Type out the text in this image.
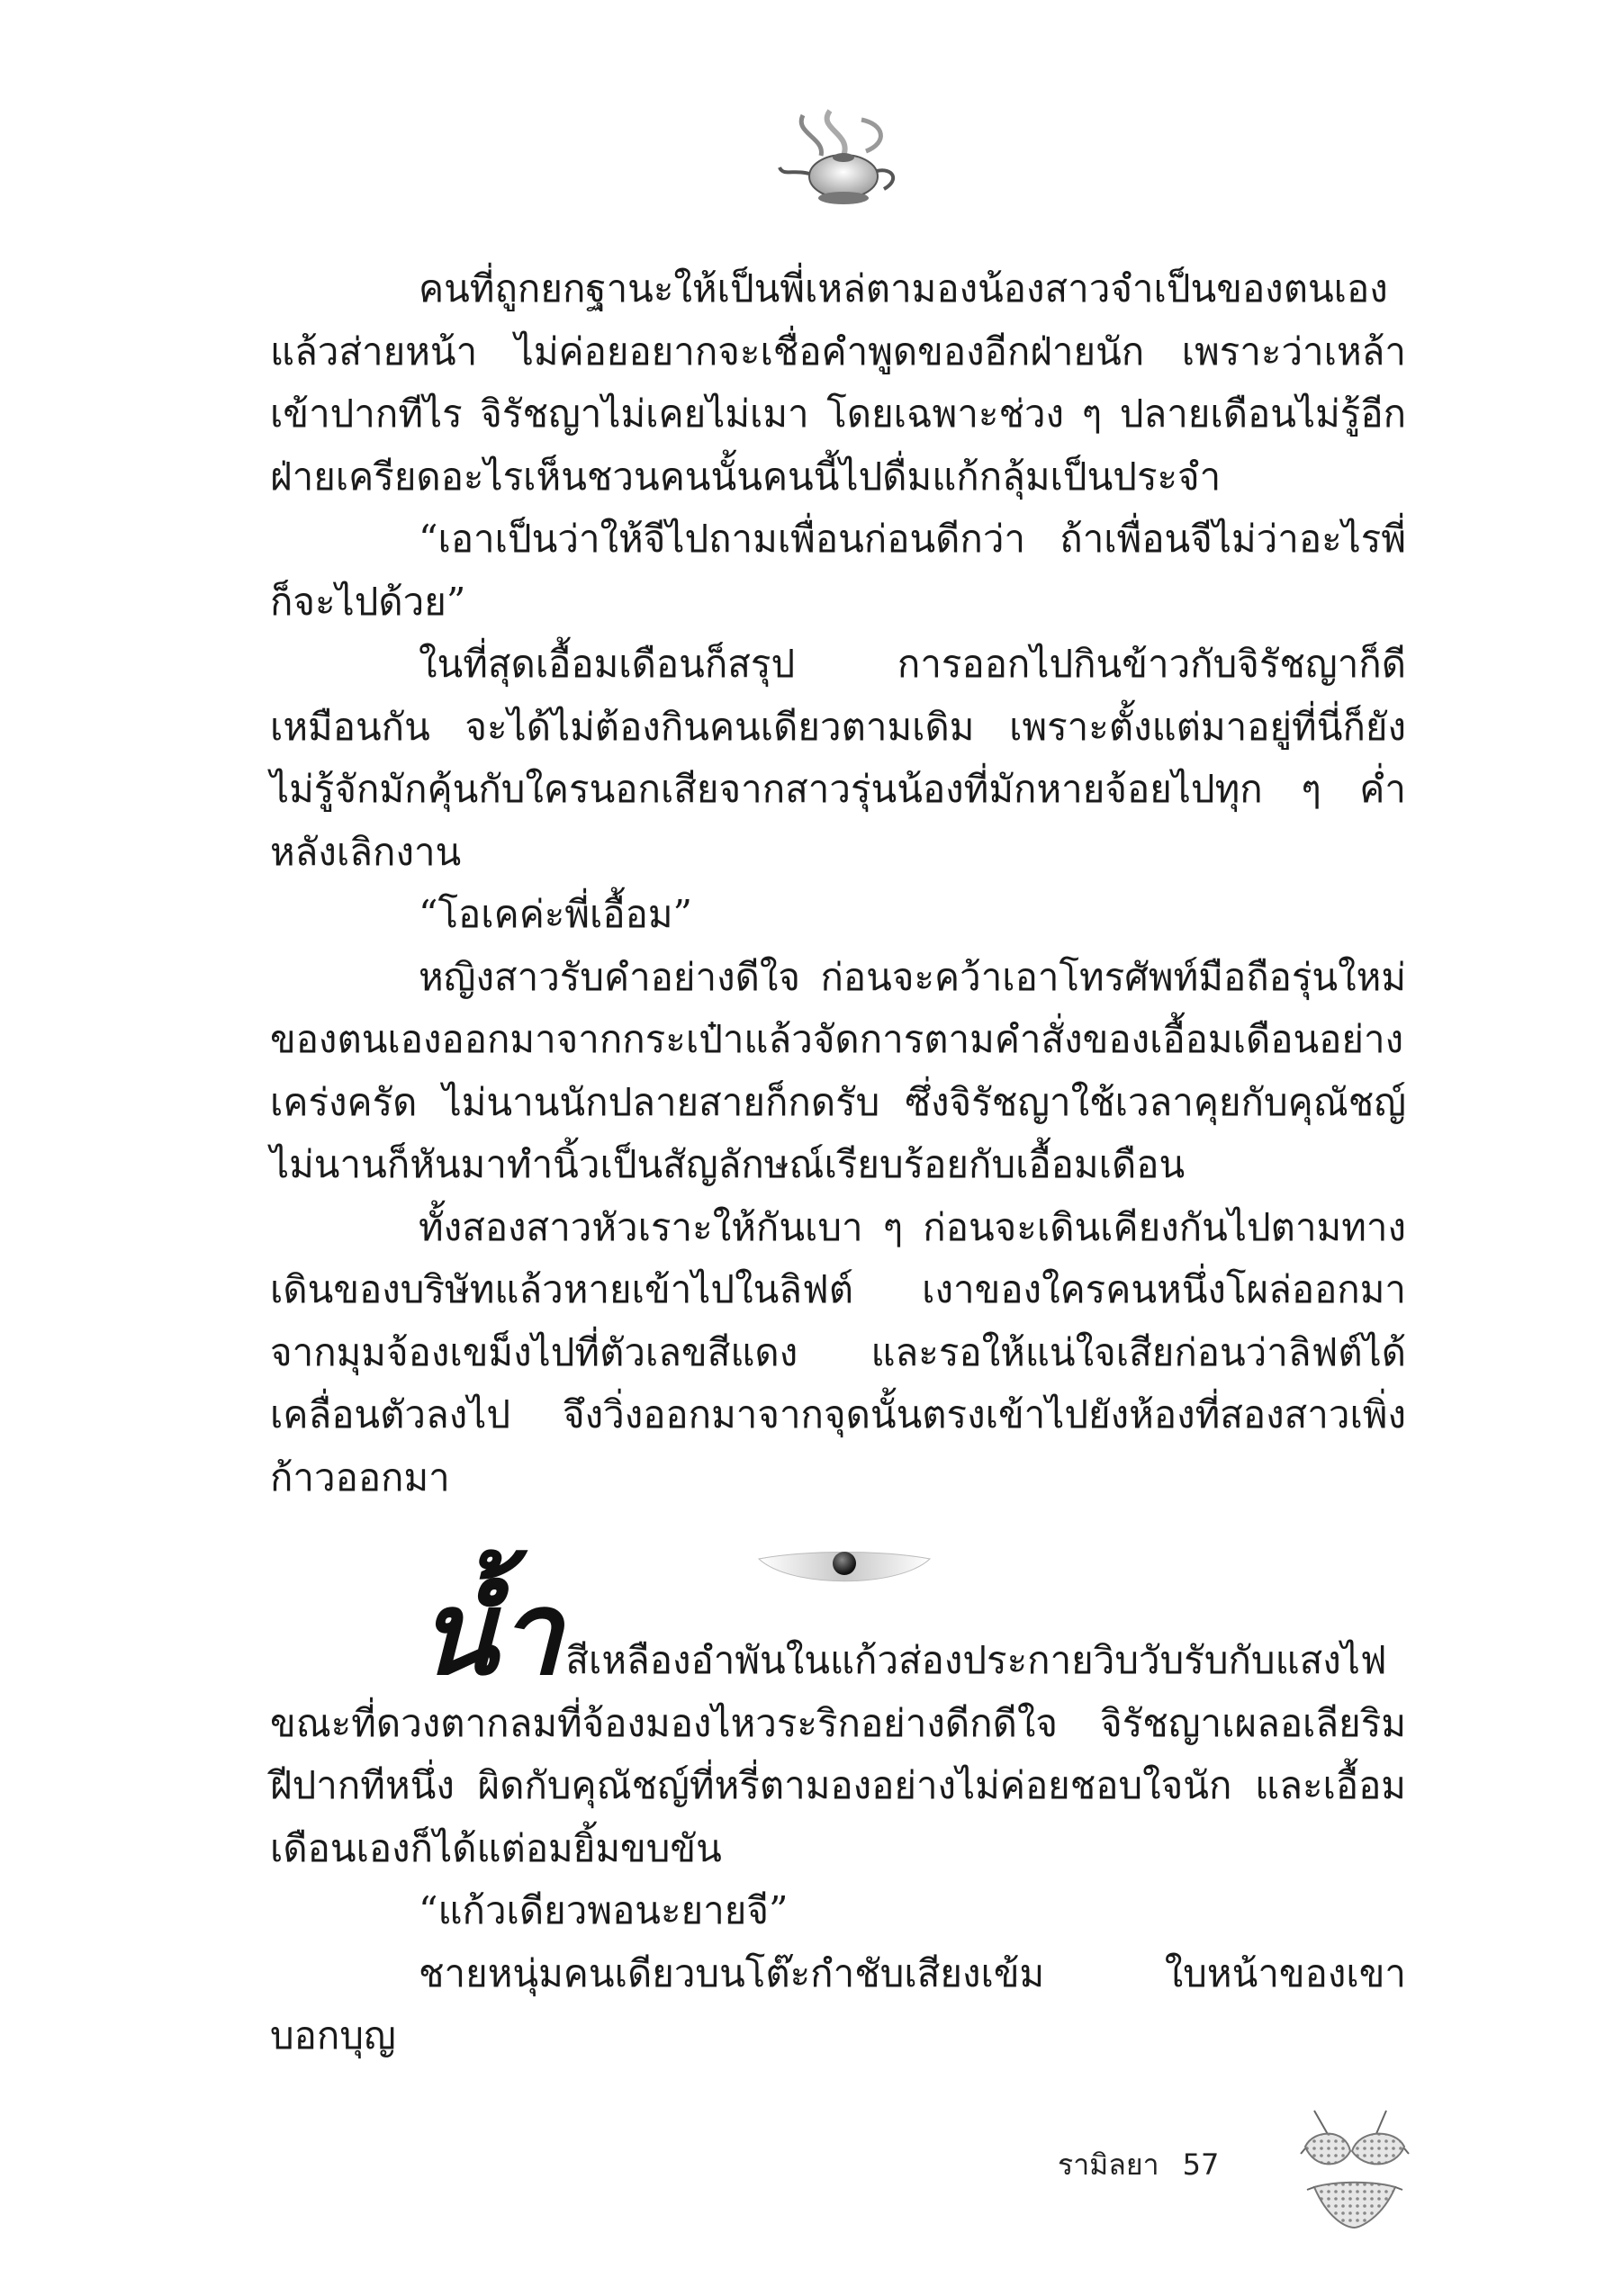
คนที่ถูกยกฐานะให้เป็นพี่เหล่ตามองน้องสาวจำเป็นของตนเองแล้วส่ายหน้า ไม่ค่อยอยากจะเชื่อคำพูดของอีกฝ่ายนัก เพราะว่าเหล้าเข้าปากทีไร จิรัชญาไม่เคยไม่เมา โดยเฉพาะช่วง ๆ ปลายเดือนไม่รู้อีกฝ่ายเครียดอะไรเห็นชวนคนนั้นคนนี้ไปดื่มแก้กลุ้มเป็นประจำ

“เอาเป็นว่าให้จีไปถามเพื่อนก่อนดีกว่า ถ้าเพื่อนจีไม่ว่าอะไรพี่ก็จะไปด้วย”

ในที่สุดเอื้อมเดือนก็สรุป การออกไปกินข้าวกับจิรัชญาก็ดีเหมือนกัน จะได้ไม่ต้องกินคนเดียวตามเดิม เพราะตั้งแต่มาอยู่ที่นี่ก็ยังไม่รู้จักมักคุ้นกับใครนอกเสียจากสาวรุ่นน้องที่มักหายจ้อยไปทุก ๆ ค่ำหลังเลิกงาน

“โอเคค่ะพี่เอื้อม”

หญิงสาวรับคำอย่างดีใจ ก่อนจะคว้าเอาโทรศัพท์มือถือรุ่นใหม่ของตนเองออกมาจากกระเป๋าแล้วจัดการตามคำสั่งของเอื้อมเดือนอย่างเคร่งครัด ไม่นานนักปลายสายก็กดรับ ซึ่งจิรัชญาใช้เวลาคุยกับคุณัชญ์ไม่นานก็หันมาทำนิ้วเป็นสัญลักษณ์เรียบร้อยกับเอื้อมเดือน

ทั้งสองสาวหัวเราะให้กันเบา ๆ ก่อนจะเดินเคียงกันไปตามทางเดินของบริษัทแล้วหายเข้าไปในลิฟต์ เงาของใครคนหนึ่งโผล่ออกมาจากมุมจ้องเขม็งไปที่ตัวเลขสีแดง และรอให้แน่ใจเสียก่อนว่าลิฟต์ได้เคลื่อนตัวลงไป จึงวิ่งออกมาจากจุดนั้นตรงเข้าไปยังห้องที่สองสาวเพิ่งก้าวออกมา

น้ำสีเหลืองอำพันในแก้วส่องประกายวิบวับรับกับแสงไฟขณะที่ดวงตากลมที่จ้องมองไหวระริกอย่างดีกดีใจ จิรัชญาเผลอเลียริมฝีปากทีหนึ่ง ผิดกับคุณัชญ์ที่หรี่ตามองอย่างไม่ค่อยชอบใจนัก และเอื้อมเดือนเองก็ได้แต่อมยิ้มขบขัน

“แก้วเดียวพอนะยายจี”

ชายหนุ่มคนเดียวบนโต๊ะกำชับเสียงเข้ม ใบหน้าของเขาบอกบุญ

รามิลยา 57
